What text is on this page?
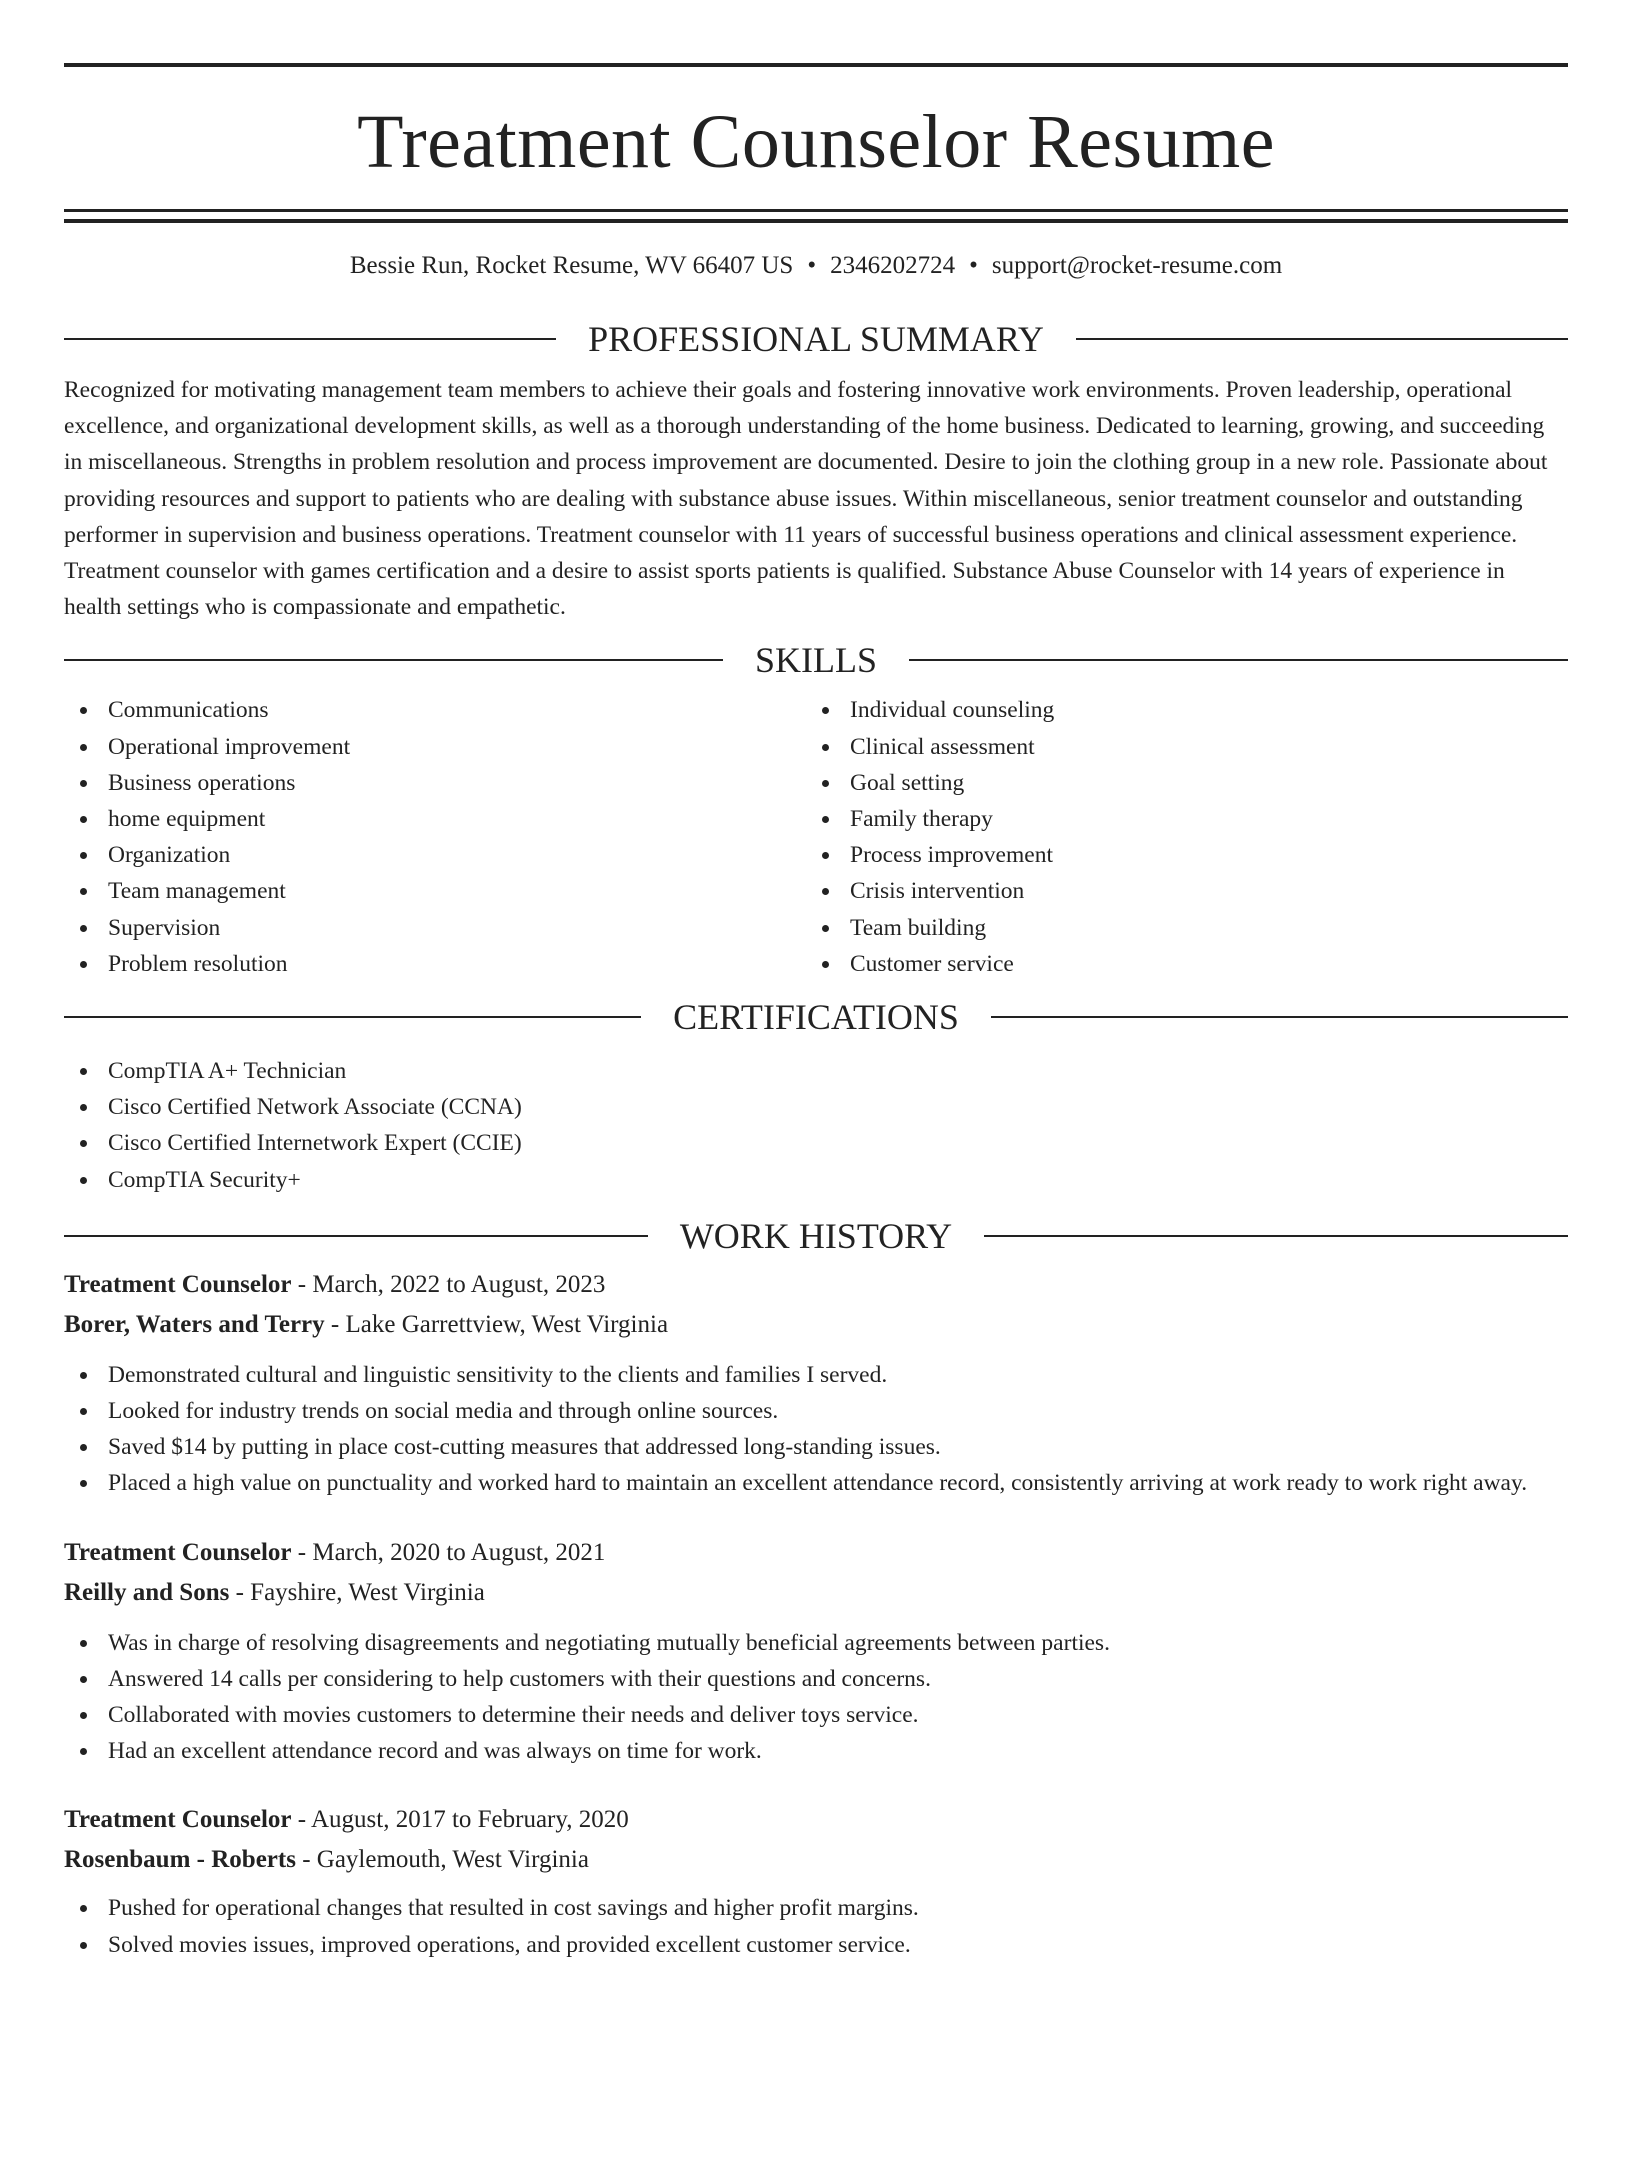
Treatment Counselor Resume
Bessie Run, Rocket Resume, WV 66407 US • 2346202724 • support@rocket-resume.com
PROFESSIONAL SUMMARY

Recognized for motivating management team members to achieve their goals and fostering innovative work environments. Proven leadership, operational excellence, and organizational development skills, as well as a thorough understanding of the home business. Dedicated to learning, growing, and succeeding in miscellaneous. Strengths in problem resolution and process improvement are documented. Desire to join the clothing group in a new role. Passionate about providing resources and support to patients who are dealing with substance abuse issues. Within miscellaneous, senior treatment counselor and outstanding performer in supervision and business operations. Treatment counselor with 11 years of successful business operations and clinical assessment experience. Treatment counselor with games certification and a desire to assist sports patients is qualified. Substance Abuse Counselor with 14 years of experience in health settings who is compassionate and empathetic.

SKILLS
Communications
Operational improvement
Business operations
home equipment
Organization
Team management
Supervision
Problem resolution
Individual counseling
Clinical assessment
Goal setting
Family therapy
Process improvement
Crisis intervention
Team building
Customer service
CERTIFICATIONS
CompTIA A+ Technician
Cisco Certified Network Associate (CCNA)
Cisco Certified Internetwork Expert (CCIE)
CompTIA Security+
WORK HISTORY
Treatment Counselor - March, 2022 to August, 2023
Borer, Waters and Terry - Lake Garrettview, West Virginia
Demonstrated cultural and linguistic sensitivity to the clients and families I served.
Looked for industry trends on social media and through online sources.
Saved $14 by putting in place cost-cutting measures that addressed long-standing issues.
Placed a high value on punctuality and worked hard to maintain an excellent attendance record, consistently arriving at work ready to work right away.
Treatment Counselor - March, 2020 to August, 2021
Reilly and Sons - Fayshire, West Virginia
Was in charge of resolving disagreements and negotiating mutually beneficial agreements between parties.
Answered 14 calls per considering to help customers with their questions and concerns.
Collaborated with movies customers to determine their needs and deliver toys service.
Had an excellent attendance record and was always on time for work.
Treatment Counselor - August, 2017 to February, 2020
Rosenbaum - Roberts - Gaylemouth, West Virginia
Pushed for operational changes that resulted in cost savings and higher profit margins.
Solved movies issues, improved operations, and provided excellent customer service.
